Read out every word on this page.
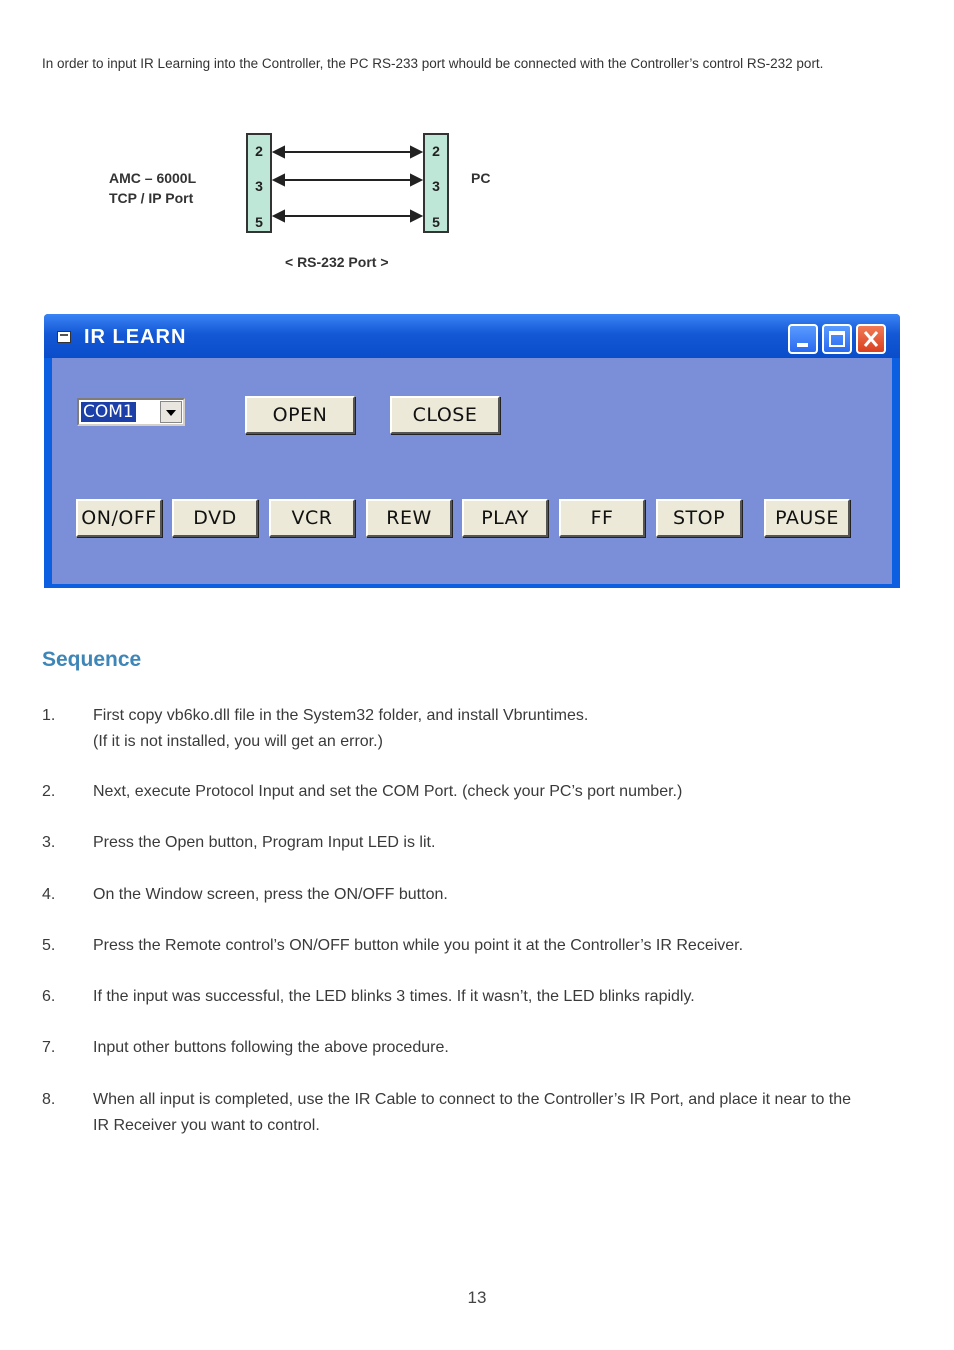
In order to input IR Learning into the Controller, the PC RS-233 port whould be connected with the Controller’s control RS-232 port.
AMC – 6000L
TCP / IP Port
2
3
5
2
3
5
PC
< RS-232 Port >
IR LEARN
COM1	OPEN	CLOSE
ON/OFF	DVD	VCR	REW	PLAY	FF	STOP	PAUSE
Sequence
1. First copy vb6ko.dll file in the System32 folder, and install Vbruntimes.
(If it is not installed, you will get an error.)
2. Next, execute Protocol Input and set the COM Port. (check your PC’s port number.)
3. Press the Open button, Program Input LED is lit.
4. On the Window screen, press the ON/OFF button.
5. Press the Remote control’s ON/OFF button while you point it at the Controller’s IR Receiver.
6. If the input was successful, the LED blinks 3 times. If it wasn’t, the LED blinks rapidly.
7. Input other buttons following the above procedure.
8. When all input is completed, use the IR Cable to connect to the Controller’s IR Port, and place it near to the
IR Receiver you want to control.
13
